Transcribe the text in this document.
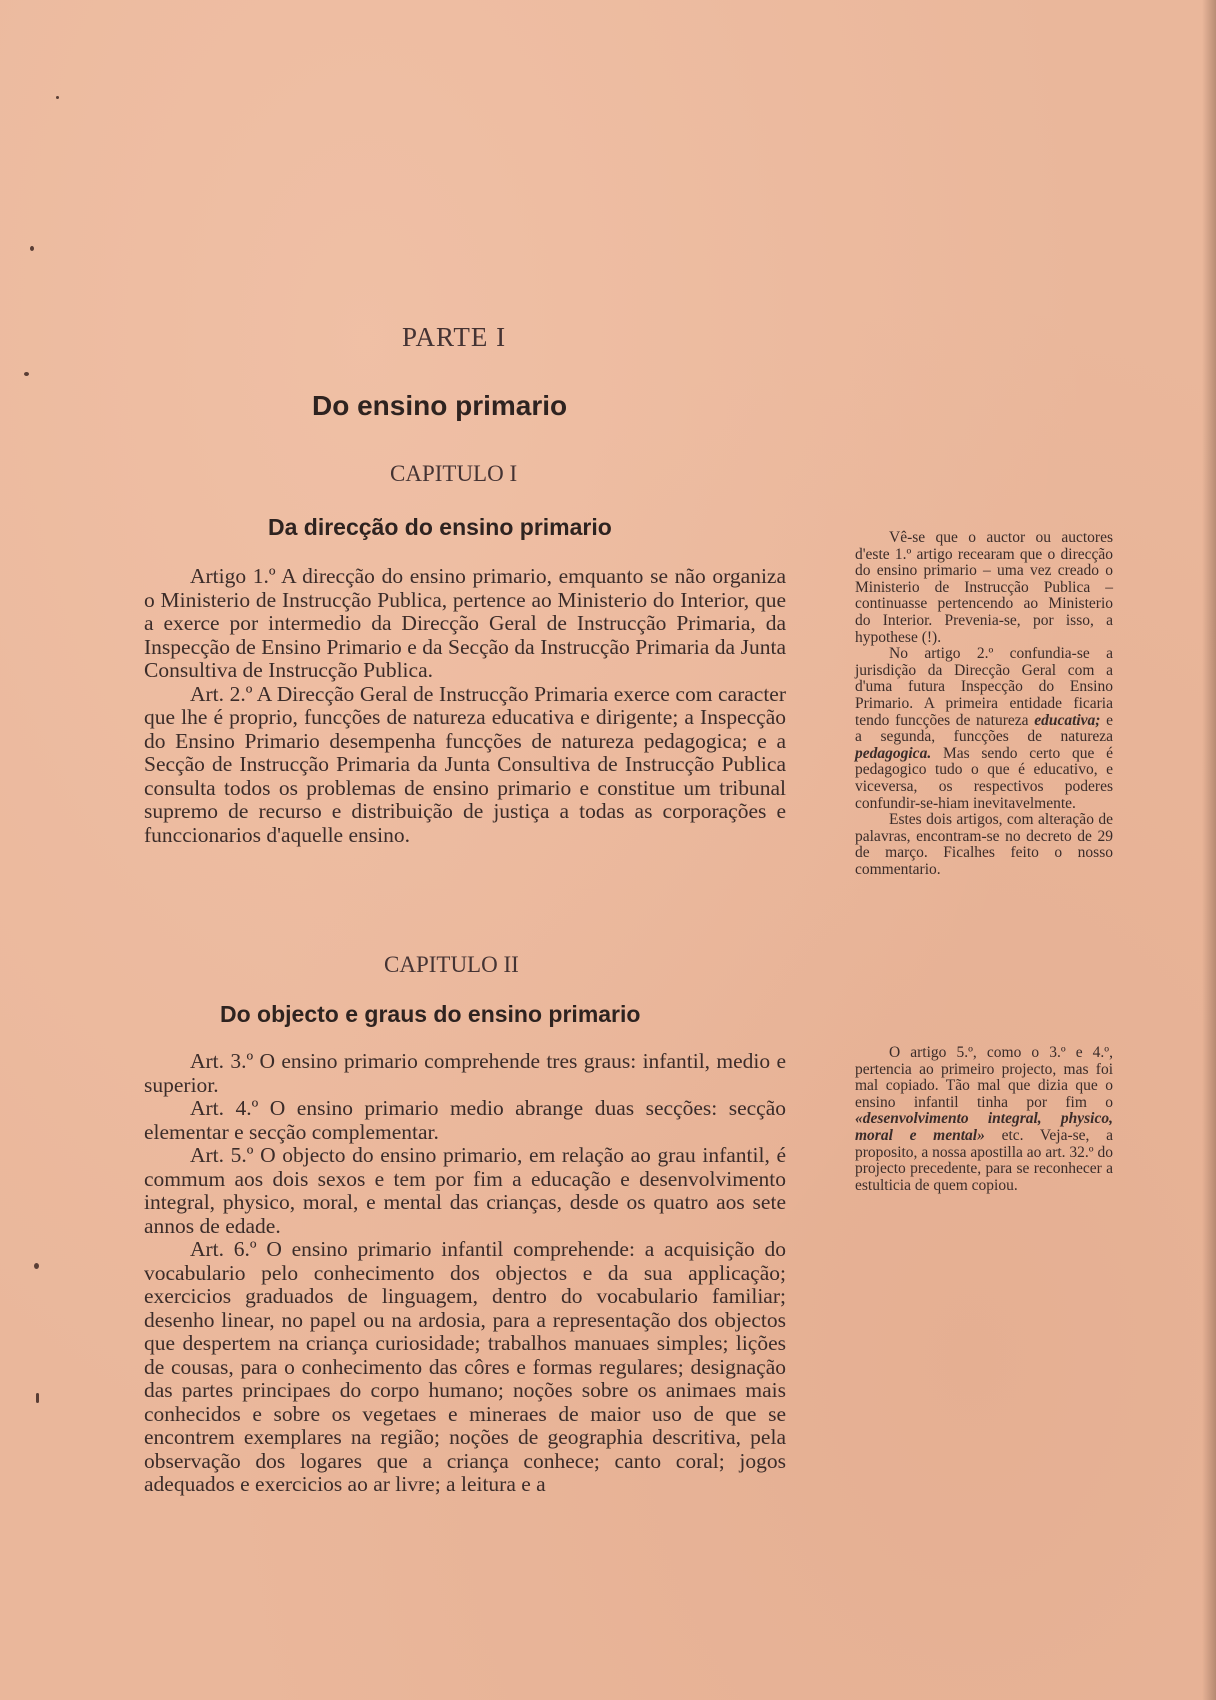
PARTE I
Do ensino primario
CAPITULO I
Da direcção do ensino primario

Artigo 1.º A direcção do ensino primario, emquanto se não organiza o Ministerio de Instrucção Publica, pertence ao Ministerio do Interior, que a exerce por intermedio da Direcção Geral de Instrucção Primaria, da Inspecção de Ensino Primario e da Secção da Instrucção Primaria da Junta Consultiva de Instrucção Publica.

Art. 2.º A Direcção Geral de Instrucção Primaria exerce com caracter que lhe é proprio, funcções de natureza educativa e dirigente; a Inspecção do Ensino Primario desempenha funcções de natureza pedagogica; e a Secção de Instrucção Primaria da Junta Consultiva de Instrucção Publica consulta todos os problemas de ensino primario e constitue um tribunal supremo de recurso e distribuição de justiça a todas as corporações e funccionarios d'aquelle ensino.

CAPITULO II
Do objecto e graus do ensino primario

Art. 3.º O ensino primario comprehende tres graus: infantil, medio e superior.

Art. 4.º O ensino primario medio abrange duas secções: secção elementar e secção complementar.

Art. 5.º O objecto do ensino primario, em relação ao grau infantil, é commum aos dois sexos e tem por fim a educação e desenvolvimento integral, physico, moral, e mental das crianças, desde os quatro aos sete annos de edade.

Art. 6.º O ensino primario infantil comprehende: a acquisição do vocabulario pelo conhecimento dos objectos e da sua applicação; exercicios graduados de linguagem, dentro do vocabulario familiar; desenho linear, no papel ou na ardosia, para a representação dos objectos que despertem na criança curiosidade; trabalhos manuaes simples; lições de cousas, para o conhecimento das côres e formas regulares; designação das partes principaes do corpo humano; noções sobre os animaes mais conhecidos e sobre os vegetaes e mineraes de maior uso de que se encontrem exemplares na região; noções de geographia descritiva, pela observação dos logares que a criança conhece; canto coral; jogos adequados e exercicios ao ar livre; a leitura e a

Vê-se que o auctor ou auctores d'este 1.º artigo recearam que o direcção do ensino primario – uma vez creado o Ministerio de Instrucção Publica – continuasse pertencendo ao Ministerio do Interior. Prevenia-se, por isso, a hypothese (!).

No artigo 2.º confundia-se a jurisdição da Direcção Geral com a d'uma futura Inspecção do Ensino Primario. A primeira entidade ficaria tendo funcções de natureza educativa; e a segunda, funcções de natureza pedagogica. Mas sendo certo que é pedagogico tudo o que é educativo, e viceversa, os respectivos poderes confundir-se-hiam inevitavelmente.

Estes dois artigos, com alteração de palavras, encontram-se no decreto de 29 de março. Ficalhes feito o nosso commentario.

O artigo 5.º, como o 3.º e 4.º, pertencia ao primeiro projecto, mas foi mal copiado. Tão mal que dizia que o ensino infantil tinha por fim o «desenvolvimento integral, physico, moral e mental» etc. Veja-se, a proposito, a nossa apostilla ao art. 32.º do projecto precedente, para se reconhecer a estulticia de quem copiou.
